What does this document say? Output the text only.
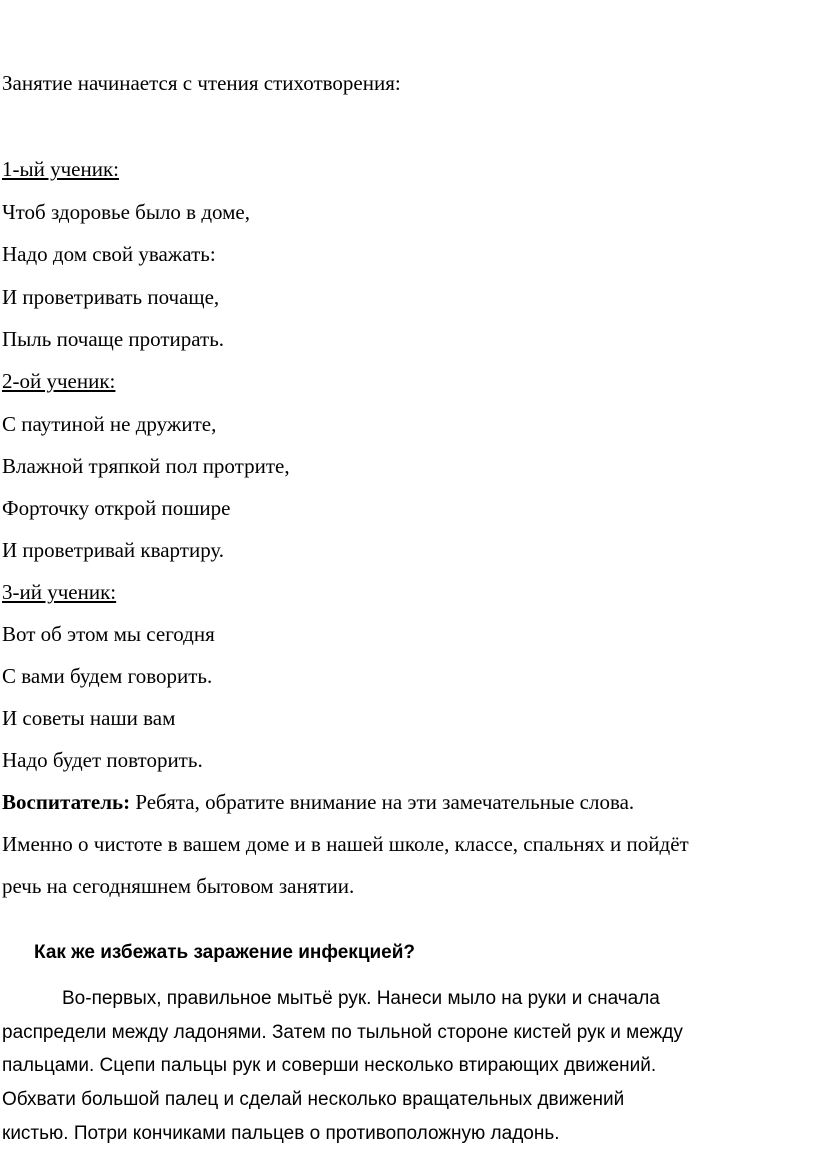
Занятие начинается с чтения стихотворения:
1-ый ученик:
Чтоб здоровье было в доме,
Надо дом свой уважать:
И проветривать почаще,
Пыль почаще протирать.
2-ой ученик:
С паутиной не дружите,
Влажной тряпкой пол протрите,
Форточку открой пошире
И проветривай квартиру.
3-ий ученик:
Вот об этом мы сегодня
С вами будем говорить.
И советы наши вам
Надо будет повторить.
Воспитатель: Ребята, обратите внимание на эти замечательные слова.
Именно о чистоте в вашем доме и в нашей школе, классе, спальнях и пойдёт
речь на сегодняшнем бытовом занятии.
Как же избежать заражение инфекцией?
Во-первых, правильное мытьё рук. Нанеси мыло на руки и сначала
распредели между ладонями. Затем по тыльной стороне кистей рук и между
пальцами. Сцепи пальцы рук и соверши несколько втирающих движений.
Обхвати большой палец и сделай несколько вращательных движений
кистью. Потри кончиками пальцев о противоположную ладонь.
